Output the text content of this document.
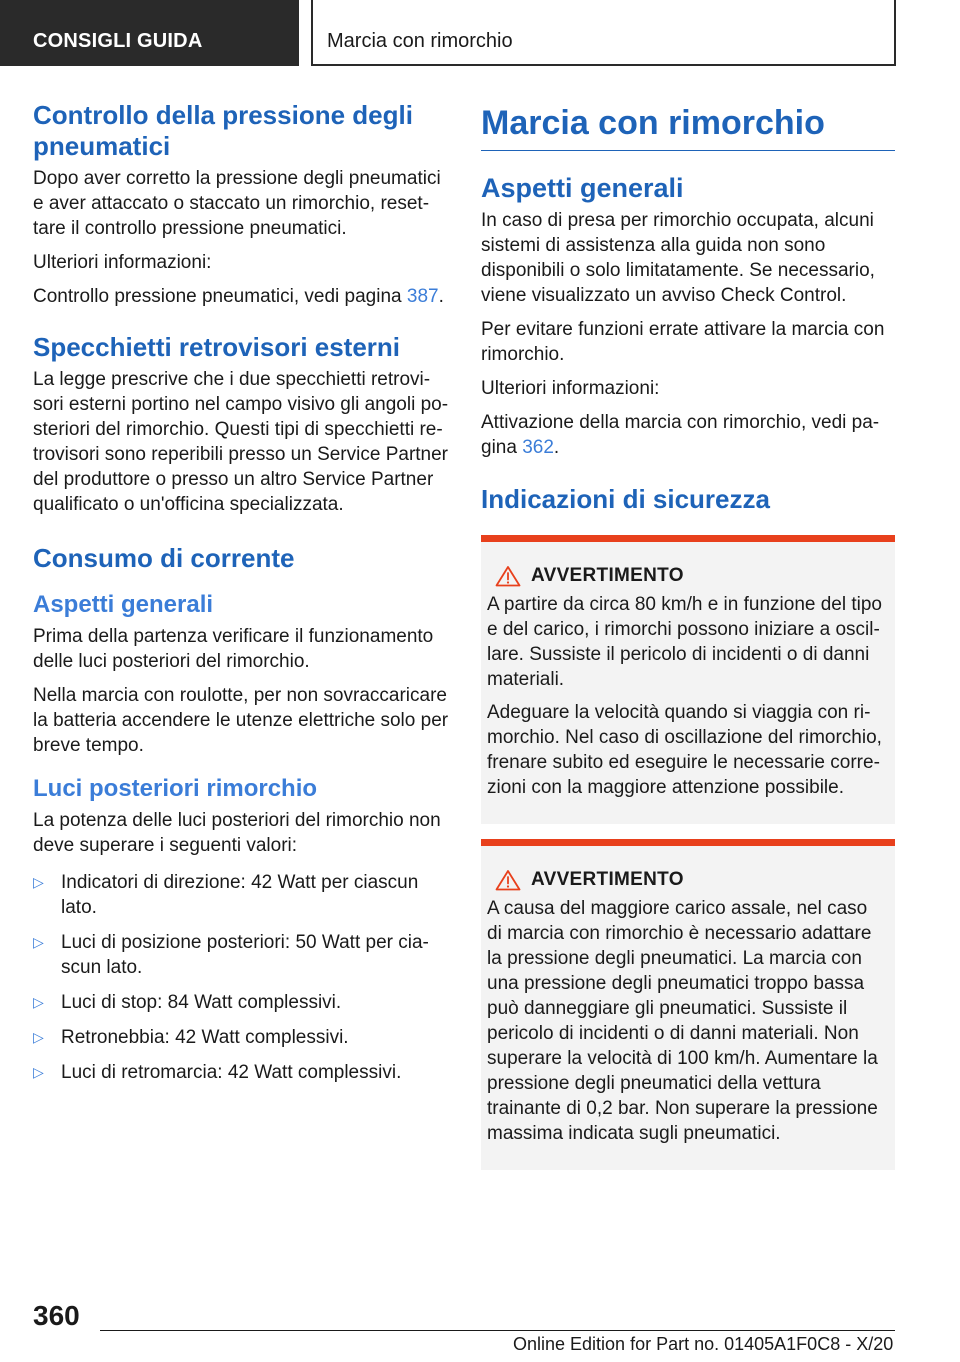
CONSIGLI GUIDA	Marcia con rimorchio
Controllo della pressione degli pneumatici

Dopo aver corretto la pressione degli pneumatici e aver attaccato o staccato un rimorchio, resettare il controllo pressione pneumatici.

Ulteriori informazioni:

Controllo pressione pneumatici, vedi pagina 387.

Specchietti retrovisori esterni

La legge prescrive che i due specchietti retrovisori esterni portino nel campo visivo gli angoli posteriori del rimorchio. Questi tipi di specchietti retrovisori sono reperibili presso un Service Partner del produttore o presso un altro Service Partner qualificato o un'officina specializzata.

Consumo di corrente
Aspetti generali

Prima della partenza verificare il funzionamento delle luci posteriori del rimorchio.

Nella marcia con roulotte, per non sovraccaricare la batteria accendere le utenze elettriche solo per breve tempo.

Luci posteriori rimorchio

La potenza delle luci posteriori del rimorchio non deve superare i seguenti valori:

▷ Indicatori di direzione: 42 Watt per ciascun lato.
▷ Luci di posizione posteriori: 50 Watt per ciascun lato.
▷ Luci di stop: 84 Watt complessivi.
▷ Retronebbia: 42 Watt complessivi.
▷ Luci di retromarcia: 42 Watt complessivi.
Marcia con rimorchio
Aspetti generali

In caso di presa per rimorchio occupata, alcuni sistemi di assistenza alla guida non sono disponibili o solo limitatamente. Se necessario, viene visualizzato un avviso Check Control.

Per evitare funzioni errate attivare la marcia con rimorchio.

Ulteriori informazioni:

Attivazione della marcia con rimorchio, vedi pagina 362.

Indicazioni di sicurezza
AVVERTIMENTO

A partire da circa 80 km/h e in funzione del tipo e del carico, i rimorchi possono iniziare a oscillare. Sussiste il pericolo di incidenti o di danni materiali.

Adeguare la velocità quando si viaggia con rimorchio. Nel caso di oscillazione del rimorchio, frenare subito ed eseguire le necessarie correzioni con la maggiore attenzione possibile.

AVVERTIMENTO

A causa del maggiore carico assale, nel caso di marcia con rimorchio è necessario adattare la pressione degli pneumatici. La marcia con una pressione degli pneumatici troppo bassa può danneggiare gli pneumatici. Sussiste il pericolo di incidenti o di danni materiali. Non superare la velocità di 100 km/h. Aumentare la pressione degli pneumatici della vettura trainante di 0,2 bar. Non superare la pressione massima indicata sugli pneumatici.

360
Online Edition for Part no. 01405A1F0C8 - X/20
